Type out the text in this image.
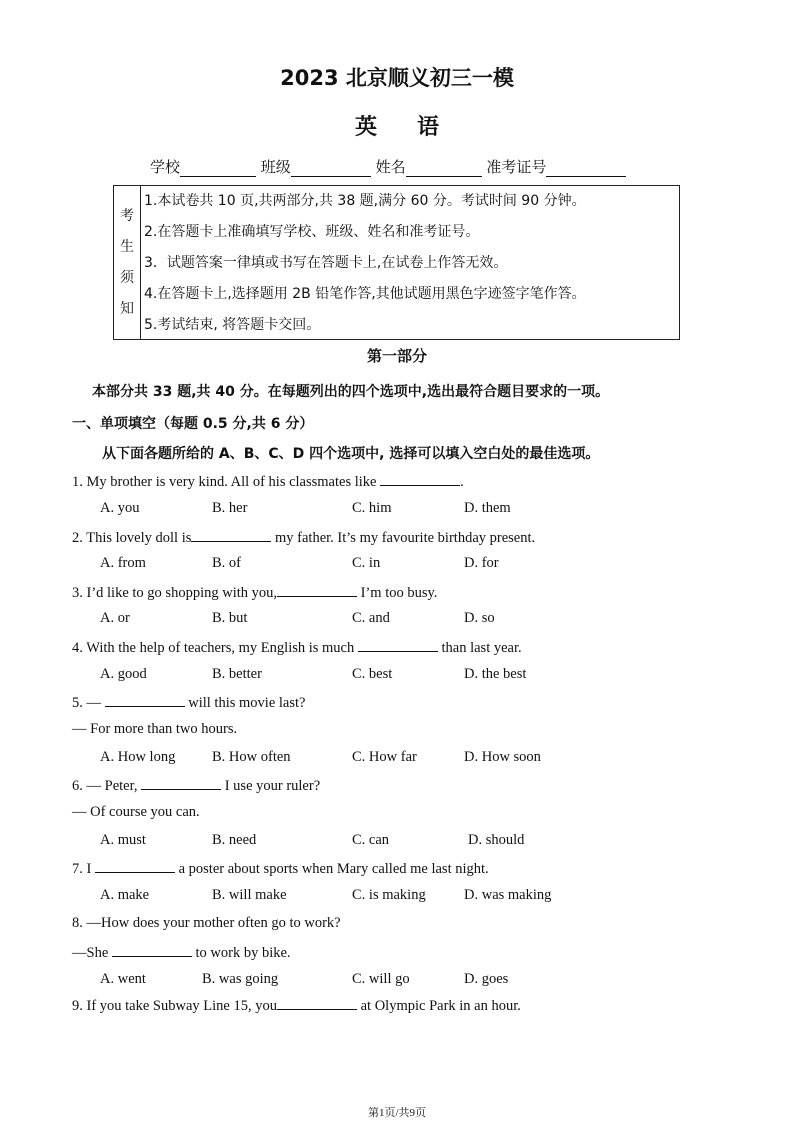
2023 北京顺义初三一模
英语
学校	班级	姓名	准考证号
考
生
须
知
1.本试卷共 10 页,共两部分,共 38 题,满分 60 分。考试时间 90 分钟。
2.在答题卡上准确填写学校、班级、姓名和准考证号。
3．试题答案一律填或书写在答题卡上,在试卷上作答无效。
4.在答题卡上,选择题用 2B 铅笔作答,其他试题用黑色字迹签字笔作答。
5.考试结束, 将答题卡交回。
第一部分
本部分共 33 题,共 40 分。在每题列出的四个选项中,选出最符合题目要求的一项。
一、单项填空（每题 0.5 分,共 6 分）
从下面各题所给的 A、B、C、D 四个选项中, 选择可以填入空白处的最佳选项。
1. My brother is very kind. All of his classmates like	.
A. you	B. her	C. him	D. them
2. This lovely doll is	my father. It’s my favourite birthday present.
A. from	B. of	C. in	D. for
3. I’d like to go shopping with you,	I’m too busy.
A. or	B. but	C. and	D. so
4. With the help of teachers, my English is much	than last year.
A. good	B. better	C. best	D. the best
5. —	will this movie last?
— For more than two hours.
A. How long	B. How often	C. How far	D. How soon
6. — Peter,	I use your ruler?
— Of course you can.
A. must	B. need	C. can	D. should
7. I	a poster about sports when Mary called me last night.
A. make	B. will make	C. is making	D. was making
8. —How does your mother often go to work?
—She	to work by bike.
A. went	B. was going	C. will go	D. goes
9. If you take Subway Line 15, you	at Olympic Park in an hour.
第1页/共9页
